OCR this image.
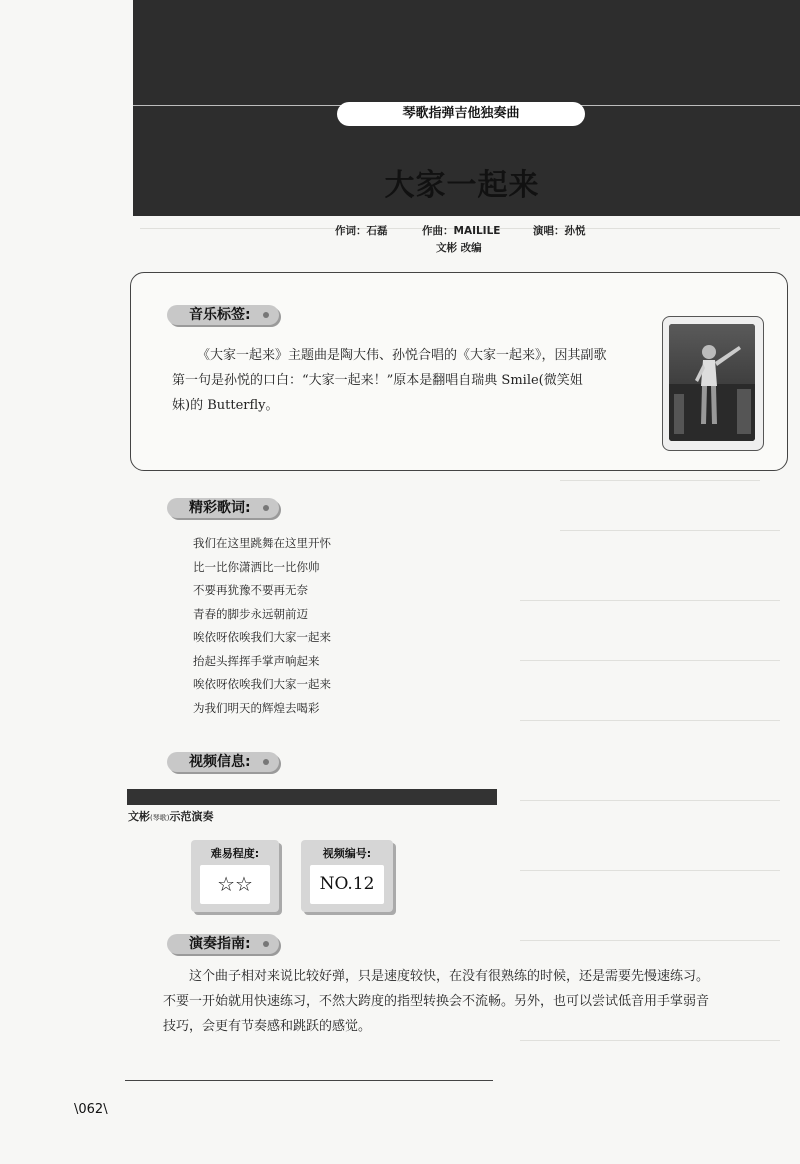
琴歌指弹吉他独奏曲
大家一起来
作词：石磊	作曲：MAILILE	演唱：孙悦
文彬 改编
音乐标签:
《大家一起来》主题曲是陶大伟、孙悦合唱的《大家一起来》，因其副歌
第一句是孙悦的口白：“大家一起来！”原本是翻唱自瑞典 Smile(微笑姐
妹)的 Butterfly。
精彩歌词:
我们在这里跳舞在这里开怀
比一比你潇洒比一比你帅
不要再犹豫不要再无奈
青春的脚步永远朝前迈
唉依呀依唉我们大家一起来
抬起头挥挥手掌声响起来
唉依呀依唉我们大家一起来
为我们明天的辉煌去喝彩
视频信息:
文彬(琴歌)示范演奏
难易程度:
☆☆
视频编号:
NO.12
演奏指南:
这个曲子相对来说比较好弹，只是速度较快，在没有很熟练的时候，还是需要先慢速练习。
不要一开始就用快速练习，不然大跨度的指型转换会不流畅。另外，也可以尝试低音用手掌弱音
技巧，会更有节奏感和跳跃的感觉。
\062\
